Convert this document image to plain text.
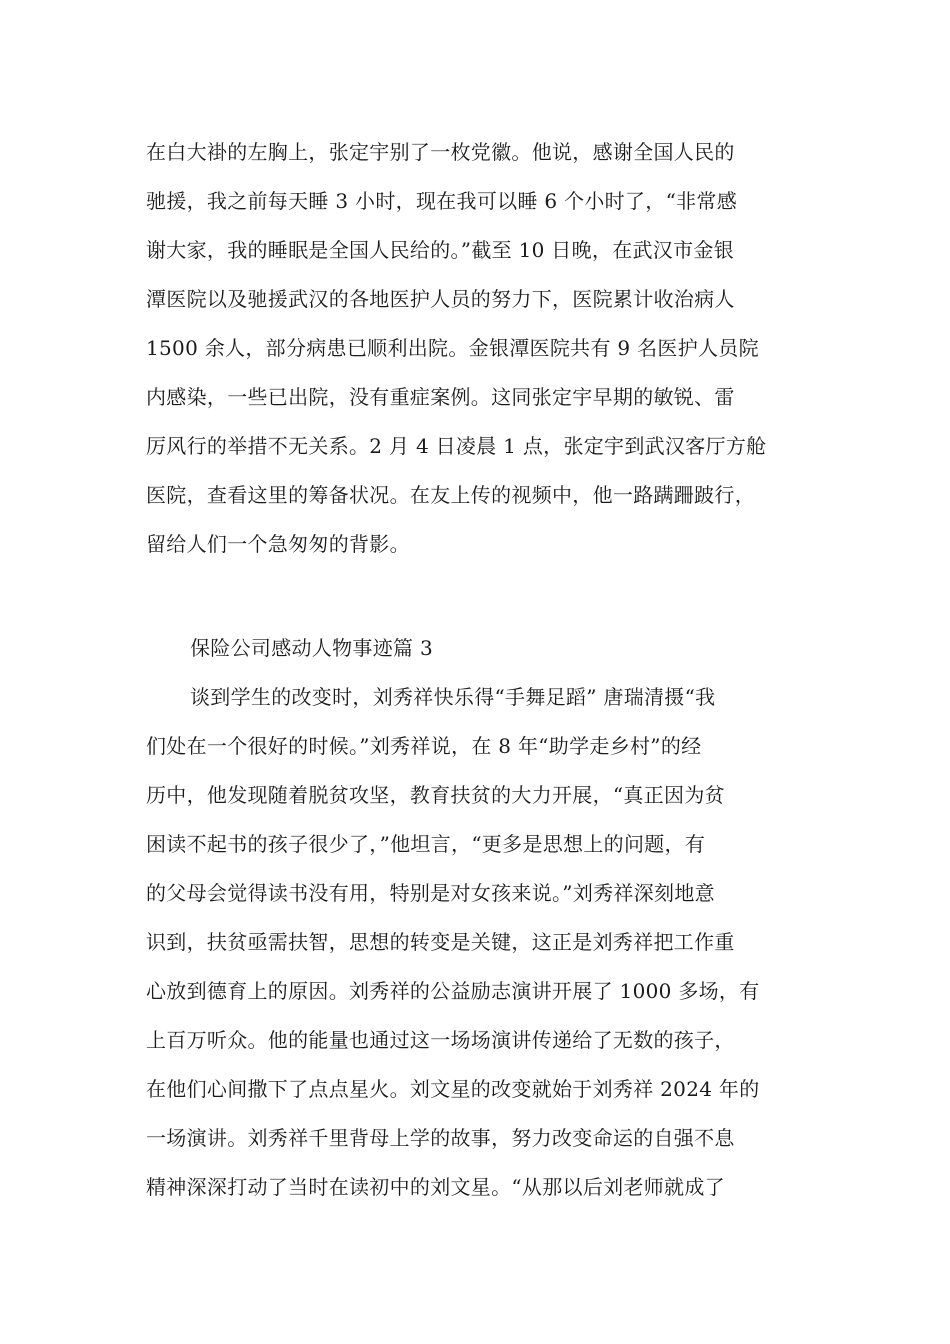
在白大褂的左胸上，张定宇别了一枚党徽。他说，感谢全国人民的
驰援，我之前每天睡 3 小时，现在我可以睡 6 个小时了，“非常感
谢大家，我的睡眠是全国人民给的。”截至 10 日晚，在武汉市金银
潭医院以及驰援武汉的各地医护人员的努力下，医院累计收治病人
1500 余人，部分病患已顺利出院。金银潭医院共有 9 名医护人员院
内感染，一些已出院，没有重症案例。这同张定宇早期的敏锐、雷
厉风行的举措不无关系。2 月 4 日凌晨 1 点，张定宇到武汉客厅方舱
医院，查看这里的筹备状况。在友上传的视频中，他一路蹒跚跛行，
留给人们一个急匆匆的背影。
保险公司感动人物事迹篇 3
谈到学生的改变时，刘秀祥快乐得“手舞足蹈” 唐瑞清摄“我
们处在一个很好的时候。”刘秀祥说，在 8 年“助学走乡村”的经
历中，他发现随着脱贫攻坚，教育扶贫的大力开展，“真正因为贫
困读不起书的孩子很少了，”他坦言，“更多是思想上的问题，有
的父母会觉得读书没有用，特别是对女孩来说。”刘秀祥深刻地意
识到，扶贫亟需扶智，思想的转变是关键，这正是刘秀祥把工作重
心放到德育上的原因。刘秀祥的公益励志演讲开展了 1000 多场，有
上百万听众。他的能量也通过这一场场演讲传递给了无数的孩子，
在他们心间撒下了点点星火。刘文星的改变就始于刘秀祥 2024 年的
一场演讲。刘秀祥千里背母上学的故事，努力改变命运的自强不息
精神深深打动了当时在读初中的刘文星。“从那以后刘老师就成了
